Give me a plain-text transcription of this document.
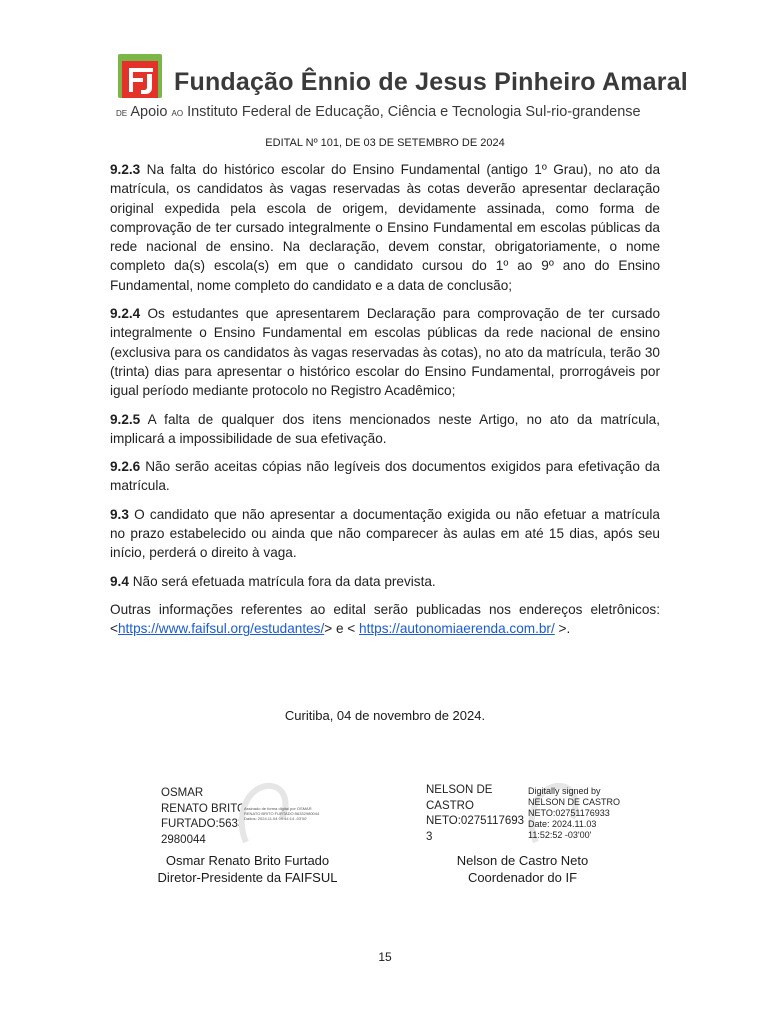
Fundação Ênnio de Jesus Pinheiro Amaral
DE Apoio AO Instituto Federal de Educação, Ciência e Tecnologia Sul-rio-grandense
EDITAL Nº 101, DE 03 DE SETEMBRO DE 2024

9.2.3 Na falta do histórico escolar do Ensino Fundamental (antigo 1º Grau), no ato da matrícula, os candidatos às vagas reservadas às cotas deverão apresentar declaração original expedida pela escola de origem, devidamente assinada, como forma de comprovação de ter cursado integralmente o Ensino Fundamental em escolas públicas da rede nacional de ensino. Na declaração, devem constar, obrigatoriamente, o nome completo da(s) escola(s) em que o candidato cursou do 1º ao 9º ano do Ensino Fundamental, nome completo do candidato e a data de conclusão;

9.2.4 Os estudantes que apresentarem Declaração para comprovação de ter cursado integralmente o Ensino Fundamental em escolas públicas da rede nacional de ensino (exclusiva para os candidatos às vagas reservadas às cotas), no ato da matrícula, terão 30 (trinta) dias para apresentar o histórico escolar do Ensino Fundamental, prorrogáveis por igual período mediante protocolo no Registro Acadêmico;

9.2.5 A falta de qualquer dos itens mencionados neste Artigo, no ato da matrícula, implicará a impossibilidade de sua efetivação.

9.2.6 Não serão aceitas cópias não legíveis dos documentos exigidos para efetivação da matrícula.

9.3 O candidato que não apresentar a documentação exigida ou não efetuar a matrícula no prazo estabelecido ou ainda que não comparecer às aulas em até 15 dias, após seu início, perderá o direito à vaga.

9.4 Não será efetuada matrícula fora da data prevista.

Outras informações referentes ao edital serão publicadas nos endereços eletrônicos: <https://www.faifsul.org/estudantes/> e < https://autonomiaerenda.com.br/ >.

Curitiba, 04 de novembro de 2024.
OSMAR
RENATO BRITO
FURTADO:5633
2980044
Assinado de forma digital por OSMAR RENATO BRITO FURTADO:56332980044 Dados: 2024.11.04 09:44:14 -03'00'
Osmar Renato Brito Furtado
Diretor-Presidente da FAIFSUL
NELSON DE
CASTRO
NETO:0275117693
3
Digitally signed by
NELSON DE CASTRO
NETO:02751176933
Date: 2024.11.03
11:52:52 -03'00'
Nelson de Castro Neto
Coordenador do IF
15
